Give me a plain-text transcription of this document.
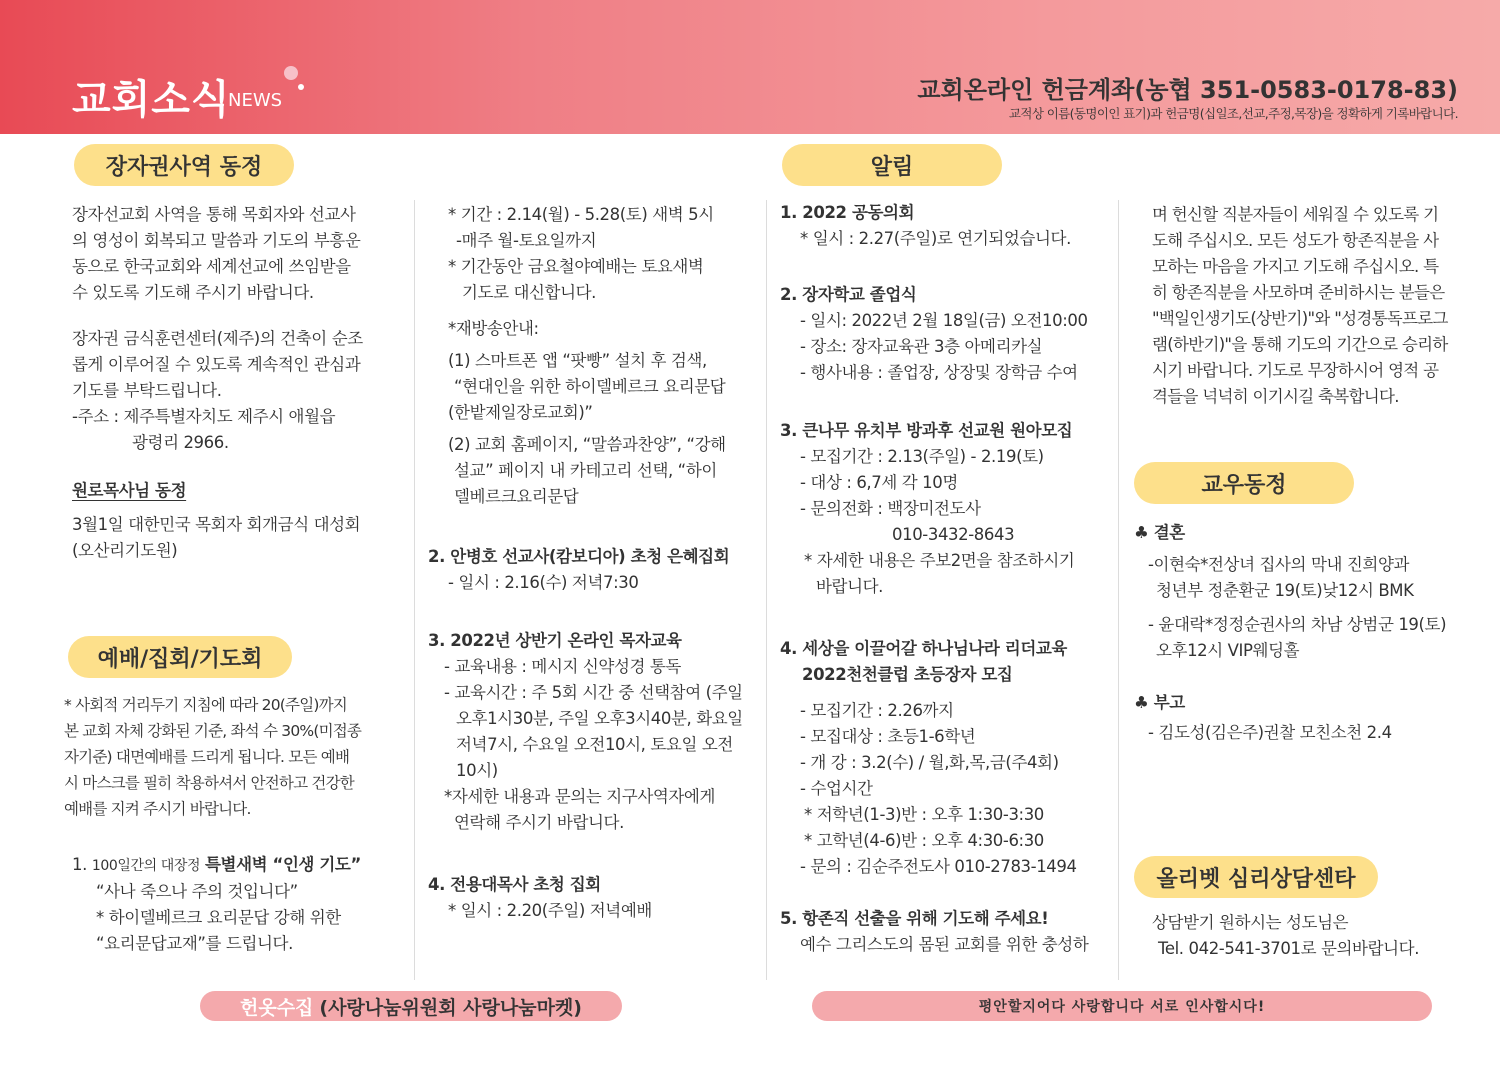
교회소식
NEWS	교회온라인 헌금계좌(농협 351-0583-0178-83)
교적상 이름(동명이인 표기)과 헌금명(십일조,선교,주정,목장)을 정확하게 기록바랍니다.
장자권사역 동정
예배/집회/기도회
알림
교우동정
올리벳 심리상담센타

장자선교회 사역을 통해 목회자와 선교사

의 영성이 회복되고 말씀과 기도의 부흥운

동으로 한국교회와 세계선교에 쓰임받을

수 있도록 기도해 주시기 바랍니다.

장자권 금식훈련센터(제주)의 건축이 순조

롭게 이루어질 수 있도록 계속적인 관심과

기도를 부탁드립니다.

-주소 : 제주특별자치도 제주시 애월읍

광령리 2966.

원로목사님 동정

3월1일 대한민국 목회자 회개금식 대성회

(오산리기도원)

* 사회적 거리두기 지침에 따라 20(주일)까지

본 교회 자체 강화된 기준, 좌석 수 30%(미접종

자기준) 대면예배를 드리게 됩니다. 모든 예배

시 마스크를 필히 착용하셔서 안전하고 건강한

예배를 지켜 주시기 바랍니다.

1. 100일간의 대장정 특별새벽 “인생 기도”

“사나 죽으나 주의 것입니다”

* 하이델베르크 요리문답 강해 위한

“요리문답교재”를 드립니다.

* 기간 : 2.14(월) - 5.28(토) 새벽 5시

-매주 월-토요일까지

* 기간동안 금요철야예배는 토요새벽

기도로 대신합니다.

*재방송안내:

(1) 스마트폰 앱 “팟빵” 설치 후 검색,

“현대인을 위한 하이델베르크 요리문답

(한밭제일장로교회)”

(2) 교회 홈페이지, “말씀과찬양”, “강해

설교” 페이지 내 카테고리 선택, “하이

델베르크요리문답

2. 안병호 선교사(캄보디아) 초청 은혜집회

- 일시 : 2.16(수) 저녁7:30

3. 2022년 상반기 온라인 목자교육

- 교육내용 : 메시지 신약성경 통독

- 교육시간 : 주 5회 시간 중 선택참여 (주일

오후1시30분, 주일 오후3시40분, 화요일

저녁7시, 수요일 오전10시, 토요일 오전

10시)

*자세한 내용과 문의는 지구사역자에게

연락해 주시기 바랍니다.

4. 전용대목사 초청 집회

* 일시 : 2.20(주일) 저녁예배

1. 2022 공동의회

* 일시 : 2.27(주일)로 연기되었습니다.

2. 장자학교 졸업식

- 일시: 2022년 2월 18일(금) 오전10:00

- 장소: 장자교육관 3층 아메리카실

- 행사내용 : 졸업장, 상장및 장학금 수여

3. 큰나무 유치부 방과후 선교원 원아모집

- 모집기간 : 2.13(주일) - 2.19(토)

- 대상 : 6,7세 각 10명

- 문의전화 : 백장미전도사

010-3432-8643

* 자세한 내용은 주보2면을 참조하시기

바랍니다.

4. 세상을 이끌어갈 하나님나라 리더교육

2022천천클럽 초등장자 모집

- 모집기간 : 2.26까지

- 모집대상 : 초등1-6학년

- 개 강 : 3.2(수) / 월,화,목,금(주4회)

- 수업시간

* 저학년(1-3)반 : 오후 1:30-3:30

* 고학년(4-6)반 : 오후 4:30-6:30

- 문의 : 김순주전도사 010-2783-1494

5. 항존직 선출을 위해 기도해 주세요!

예수 그리스도의 몸된 교회를 위한 충성하

며 헌신할 직분자들이 세워질 수 있도록 기

도해 주십시오. 모든 성도가 항존직분을 사

모하는 마음을 가지고 기도해 주십시오. 특

히 항존직분을 사모하며 준비하시는 분들은

"백일인생기도(상반기)"와 "성경통독프로그

램(하반기)"을 통해 기도의 기간으로 승리하

시기 바랍니다. 기도로 무장하시어 영적 공

격들을 넉넉히 이기시길 축복합니다.

♣ 결혼

-이현숙*전상녀 집사의 막내 진희양과

청년부 정춘환군 19(토)낮12시 BMK

- 윤대락*정정순권사의 차남 상범군 19(토)

오후12시 VIP웨딩홀

♣ 부고

- 김도성(김은주)권찰 모친소천 2.4

상담받기 원하시는 성도님은

Tel. 042-541-3701로 문의바랍니다.

헌옷수집 (사랑나눔위원회 사랑나눔마켓)	평안할지어다 사랑합니다 서로 인사합시다!
